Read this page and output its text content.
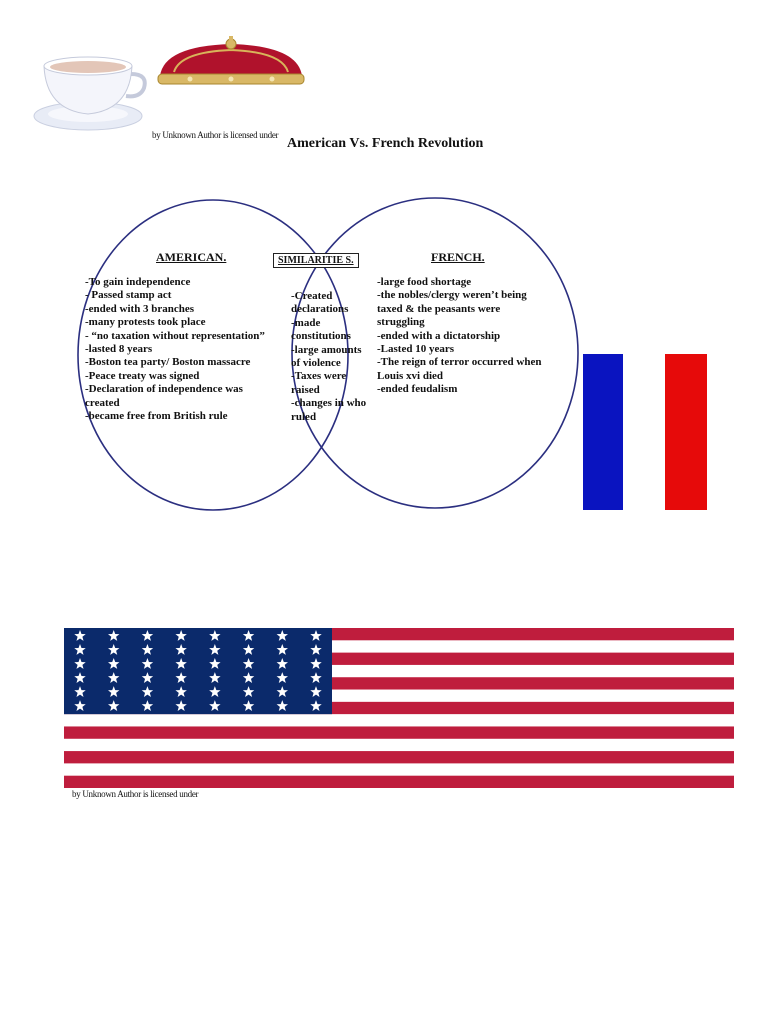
by Unknown Author is licensed under
American Vs. French Revolution
AMERICAN.
-To gain independence
- Passed stamp act
-ended with 3 branches
-many protests took place
- “no taxation without representation”
-lasted 8 years
-Boston tea party/ Boston massacre
-Peace treaty was signed
-Declaration of independence was created
-became free from British rule
SIMILARITIE S.
-Created declarations
-made constitutions
-large amounts of violence
-Taxes were raised
-changes in who ruled
FRENCH.
-large food shortage
-the nobles/clergy weren’t being taxed & the peasants were struggling
-ended with a dictatorship
-Lasted 10 years
-The reign of terror occurred when Louis xvi died
-ended feudalism
by Unknown Author is licensed under
